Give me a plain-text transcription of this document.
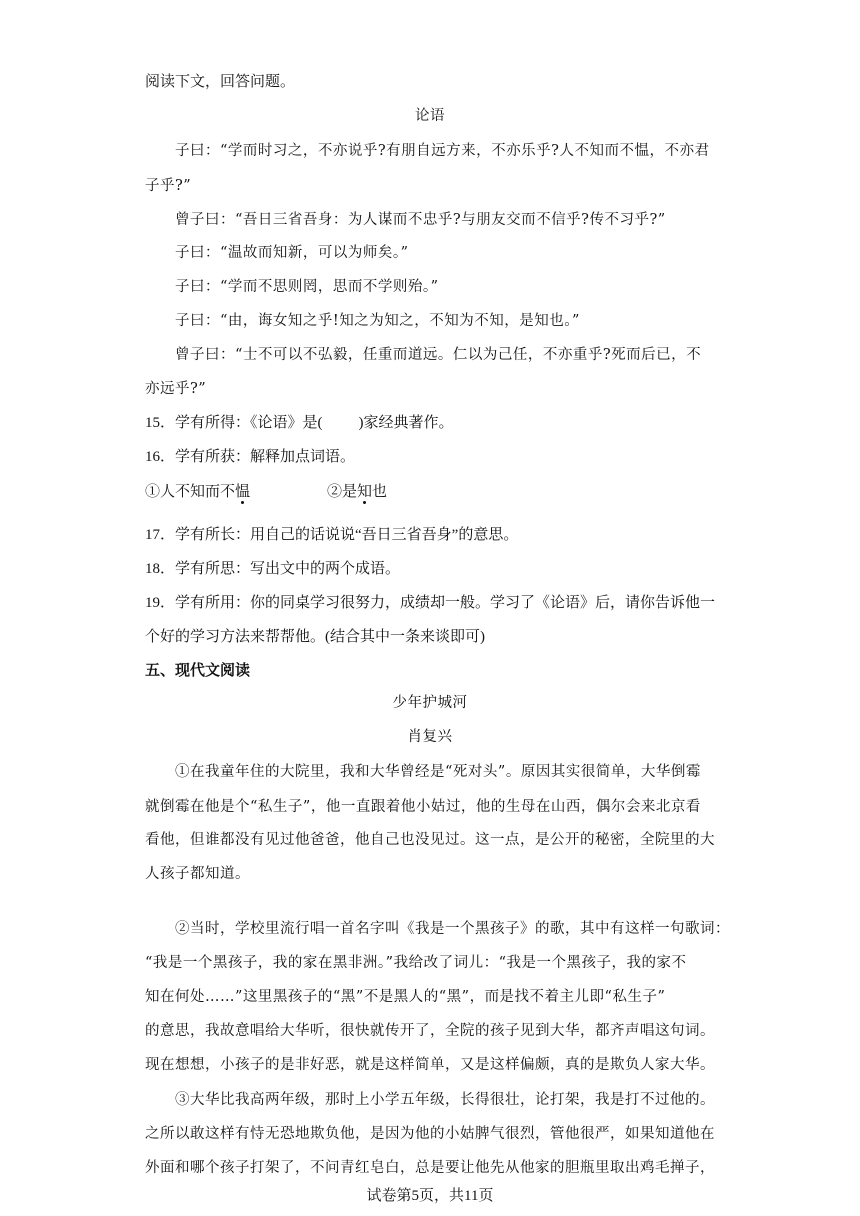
阅读下文，回答问题。
论语
子曰：“学而时习之，不亦说乎?有朋自远方来，不亦乐乎?人不知而不愠，不亦君
子乎?”
曾子曰：“吾日三省吾身：为人谋而不忠乎?与朋友交而不信乎?传不习乎?”
子曰：“温故而知新，可以为师矣。”
子曰：“学而不思则罔，思而不学则殆。”
子曰：“由，诲女知之乎!知之为知之，不知为不知，是知也。”
曾子曰：“士不可以不弘毅，任重而道远。仁以为己任，不亦重乎?死而后已，不
亦远乎?”
15．学有所得：《论语》是( )家经典著作。
16．学有所获：解释加点词语。
①人不知而不愠	②是知也
17．学有所长：用自己的话说说“吾日三省吾身”的意思。
18．学有所思：写出文中的两个成语。
19．学有所用：你的同桌学习很努力，成绩却一般。学习了《论语》后，请你告诉他一
个好的学习方法来帮帮他。(结合其中一条来谈即可)
五、现代文阅读
少年护城河
肖复兴
①在我童年住的大院里，我和大华曾经是“死对头”。原因其实很简单，大华倒霉
就倒霉在他是个“私生子”，他一直跟着他小姑过，他的生母在山西，偶尔会来北京看
看他，但谁都没有见过他爸爸，他自己也没见过。这一点，是公开的秘密，全院里的大
人孩子都知道。
②当时，学校里流行唱一首名字叫《我是一个黑孩子》的歌，其中有这样一句歌词：
“我是一个黑孩子，我的家在黑非洲。”我给改了词儿：“我是一个黑孩子，我的家不
知在何处……”这里黑孩子的“黑”不是黑人的“黑”，而是找不着主儿即“私生子”
的意思，我故意唱给大华听，很快就传开了，全院的孩子见到大华，都齐声唱这句词。
现在想想，小孩子的是非好恶，就是这样简单，又是这样偏颇，真的是欺负人家大华。
③大华比我高两年级，那时上小学五年级，长得很壮，论打架，我是打不过他的。
之所以敢这样有恃无恐地欺负他，是因为他的小姑脾气很烈，管他很严，如果知道他在
外面和哪个孩子打架了，不问青红皂白，总是要让他先从他家的胆瓶里取出鸡毛掸子，
试卷第5页，共11页
